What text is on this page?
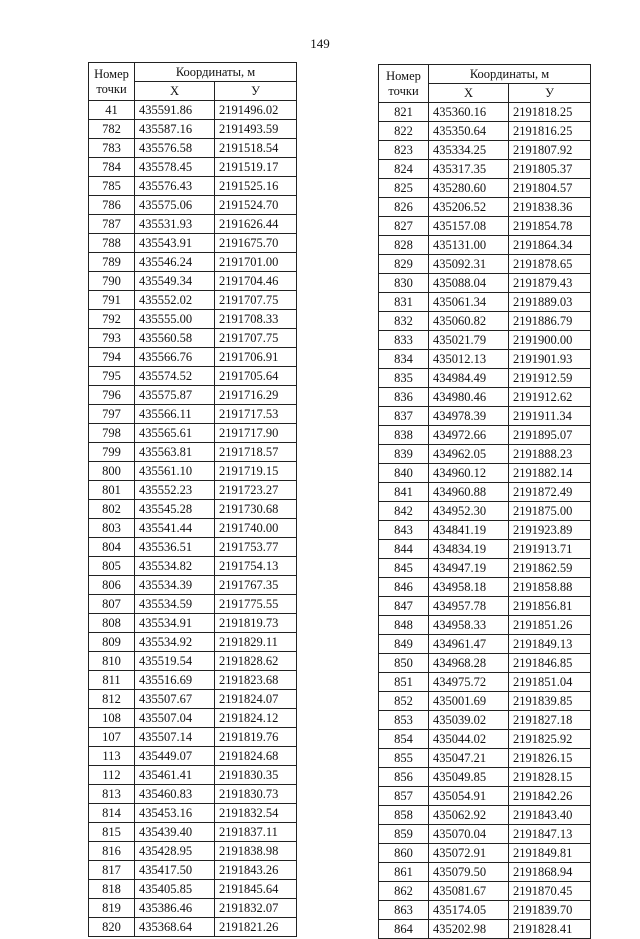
149
Номер
точки	Координаты, м	
	X	У
41	435591.86	2191496.02
782	435587.16	2191493.59
783	435576.58	2191518.54
784	435578.45	2191519.17
785	435576.43	2191525.16
786	435575.06	2191524.70
787	435531.93	2191626.44
788	435543.91	2191675.70
789	435546.24	2191701.00
790	435549.34	2191704.46
791	435552.02	2191707.75
792	435555.00	2191708.33
793	435560.58	2191707.75
794	435566.76	2191706.91
795	435574.52	2191705.64
796	435575.87	2191716.29
797	435566.11	2191717.53
798	435565.61	2191717.90
799	435563.81	2191718.57
800	435561.10	2191719.15
801	435552.23	2191723.27
802	435545.28	2191730.68
803	435541.44	2191740.00
804	435536.51	2191753.77
805	435534.82	2191754.13
806	435534.39	2191767.35
807	435534.59	2191775.55
808	435534.91	2191819.73
809	435534.92	2191829.11
810	435519.54	2191828.62
811	435516.69	2191823.68
812	435507.67	2191824.07
108	435507.04	2191824.12
107	435507.14	2191819.76
113	435449.07	2191824.68
112	435461.41	2191830.35
813	435460.83	2191830.73
814	435453.16	2191832.54
815	435439.40	2191837.11
816	435428.95	2191838.98
817	435417.50	2191843.26
818	435405.85	2191845.64
819	435386.46	2191832.07
820	435368.64	2191821.26
Номер
точки	Координаты, м	
	X	У
821	435360.16	2191818.25
822	435350.64	2191816.25
823	435334.25	2191807.92
824	435317.35	2191805.37
825	435280.60	2191804.57
826	435206.52	2191838.36
827	435157.08	2191854.78
828	435131.00	2191864.34
829	435092.31	2191878.65
830	435088.04	2191879.43
831	435061.34	2191889.03
832	435060.82	2191886.79
833	435021.79	2191900.00
834	435012.13	2191901.93
835	434984.49	2191912.59
836	434980.46	2191912.62
837	434978.39	2191911.34
838	434972.66	2191895.07
839	434962.05	2191888.23
840	434960.12	2191882.14
841	434960.88	2191872.49
842	434952.30	2191875.00
843	434841.19	2191923.89
844	434834.19	2191913.71
845	434947.19	2191862.59
846	434958.18	2191858.88
847	434957.78	2191856.81
848	434958.33	2191851.26
849	434961.47	2191849.13
850	434968.28	2191846.85
851	434975.72	2191851.04
852	435001.69	2191839.85
853	435039.02	2191827.18
854	435044.02	2191825.92
855	435047.21	2191826.15
856	435049.85	2191828.15
857	435054.91	2191842.26
858	435062.92	2191843.40
859	435070.04	2191847.13
860	435072.91	2191849.81
861	435079.50	2191868.94
862	435081.67	2191870.45
863	435174.05	2191839.70
864	435202.98	2191828.41
